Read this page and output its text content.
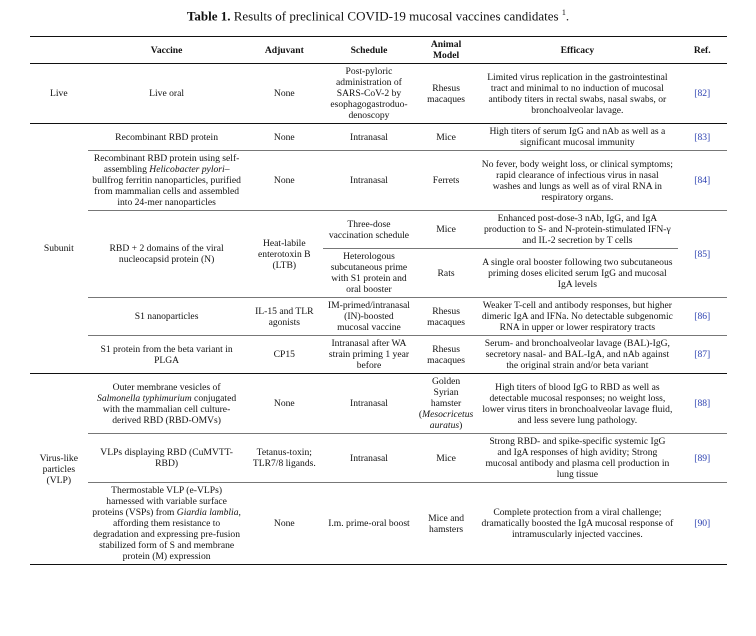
Table 1. Results of preclinical COVID-19 mucosal vaccines candidates $^1$.
	Vaccine	Adjuvant	Schedule	Animal Model	Efficacy	Ref.
Live	Live oral	None	Post-pyloric administration of SARS-CoV-2 by esophagogastroduo-denoscopy	Rhesus macaques	Limited virus replication in the gastrointestinal tract and minimal to no induction of mucosal antibody titers in rectal swabs, nasal swabs, or bronchoalveolar lavage.	[82]
Subunit	Recombinant RBD protein	None	Intranasal	Mice	High titers of serum IgG and nAb as well as a significant mucosal immunity	[83]
	Recombinant RBD protein using self-assembling Helicobacter pylori–bullfrog ferritin nanoparticles, purified from mammalian cells and assembled into 24-mer nanoparticles	None	Intranasal	Ferrets	No fever, body weight loss, or clinical symptoms; rapid clearance of infectious virus in nasal washes and lungs as well as of viral RNA in respiratory organs.	[84]
	RBD + 2 domains of the viral nucleocapsid protein (N)	Heat-labile enterotoxin B (LTB)	Three-dose vaccination schedule	Mice	Enhanced post-dose-3 nAb, IgG, and IgA production to S- and N-protein-stimulated IFN-γ and IL-2 secretion by T cells	[85]
			Heterologous subcutaneous prime with S1 protein and oral booster	Rats	A single oral booster following two subcutaneous priming doses elicited serum IgG and mucosal IgA levels	
	S1 nanoparticles	IL-15 and TLR agonists	IM-primed/intranasal (IN)-boosted mucosal vaccine	Rhesus macaques	Weaker T-cell and antibody responses, but higher dimeric IgA and IFNa. No detectable subgenomic RNA in upper or lower respiratory tracts	[86]
	S1 protein from the beta variant in PLGA	CP15	Intranasal after WA strain priming 1 year before	Rhesus macaques	Serum- and bronchoalveolar lavage (BAL)-IgG, secretory nasal- and BAL-IgA, and nAb against the original strain and/or beta variant	[87]
Virus-like particles (VLP)	Outer membrane vesicles of Salmonella typhimurium conjugated with the mammalian cell culture-derived RBD (RBD-OMVs)	None	Intranasal	Golden Syrian hamster (Mesocricetus auratus)	High titers of blood IgG to RBD as well as detectable mucosal responses; no weight loss, lower virus titers in bronchoalveolar lavage fluid, and less severe lung pathology.	[88]
	VLPs displaying RBD (CuMVTT-RBD)	Tetanus-toxin; TLR7/8 ligands.	Intranasal	Mice	Strong RBD- and spike-specific systemic IgG and IgA responses of high avidity; Strong mucosal antibody and plasma cell production in lung tissue	[89]
	Thermostable VLP (e-VLPs) harnessed with variable surface proteins (VSPs) from Giardia lamblia, affording them resistance to degradation and expressing pre-fusion stabilized form of S and membrane protein (M) expression	None	I.m. prime-oral boost	Mice and hamsters	Complete protection from a viral challenge; dramatically boosted the IgA mucosal response of intramuscularly injected vaccines.	[90]
